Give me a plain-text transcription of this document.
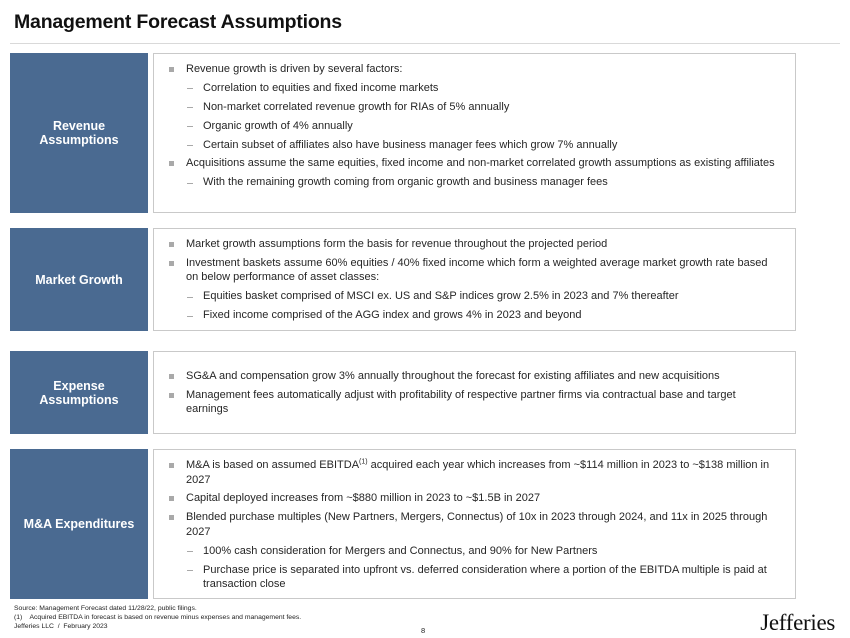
Management Forecast Assumptions
Revenue Assumptions
Revenue growth is driven by several factors:
Correlation to equities and fixed income markets
Non-market correlated revenue growth for RIAs of 5% annually
Organic growth of 4% annually
Certain subset of affiliates also have business manager fees which grow 7% annually
Acquisitions assume the same equities, fixed income and non-market correlated growth assumptions as existing affiliates
With the remaining growth coming from organic growth and business manager fees
Market Growth
Market growth assumptions form the basis for revenue throughout the projected period
Investment baskets assume 60% equities / 40% fixed income which form a weighted average market growth rate based on below performance of asset classes:
Equities basket comprised of MSCI ex. US and S&P indices grow 2.5% in 2023 and 7% thereafter
Fixed income comprised of the AGG index and grows 4% in 2023 and beyond
Expense Assumptions
SG&A and compensation grow 3% annually throughout the forecast for existing affiliates and new acquisitions
Management fees automatically adjust with profitability of respective partner firms via contractual base and target earnings
M&A Expenditures
M&A is based on assumed EBITDA$^{(1)}$ acquired each year which increases from ~$114 million in 2023 to ~$138 million in 2027
Capital deployed increases from ~$880 million in 2023 to ~$1.5B in 2027
Blended purchase multiples (New Partners, Mergers, Connectus) of 10x in 2023 through 2024, and 11x in 2025 through 2027
100% cash consideration for Mergers and Connectus, and 90% for New Partners
Purchase price is separated into upfront vs. deferred consideration where a portion of the EBITDA multiple is paid at transaction close
Source: Management Forecast dated 11/28/22, public filings.
(1)    Acquired EBITDA in forecast is based on revenue minus expenses and management fees.
Jefferies LLC  /  February 2023	8	Jefferies
